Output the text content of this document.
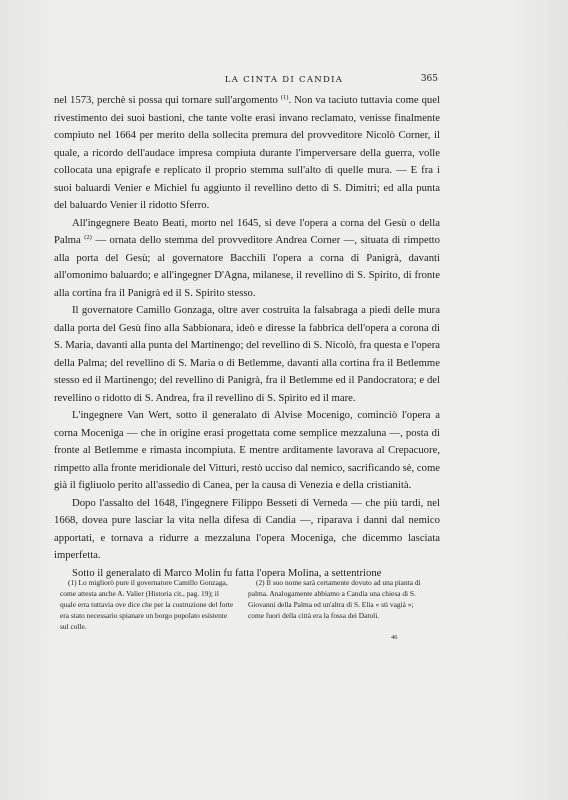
LA CINTA DI CANDIA	365

nel 1573, perchè si possa qui tornare sull'argomento $^{(1)}$. Non va taciuto tuttavia come quel rivestimento dei suoi bastioni, che tante volte erasi invano reclamato, venisse finalmente compiuto nel 1664 per merito della sollecita premura del provveditore Nicolò Corner, il quale, a ricordo dell'audace impresa compiuta durante l'imperversare della guerra, volle collocata una epigrafe e replicato il proprio stemma sull'alto di quelle mura. — E fra i suoi baluardi Venier e Michiel fu aggiunto il revellino detto di S. Dimitri; ed alla punta del baluardo Venier il ridotto Sferro.

All'ingegnere Beato Beati, morto nel 1645, si deve l'opera a corna del Gesù o della Palma $^{(2)}$ — ornata dello stemma del provveditore Andrea Corner —, situata di rimpetto alla porta del Gesù; al governatore Bacchili l'opera a corna di Panigrà, davanti all'omonimo baluardo; e all'ingegner D'Agna, milanese, il revellino di S. Spirito, di fronte alla cortina fra il Panigrà ed il S. Spirito stesso.

Il governatore Camillo Gonzaga, oltre aver costruita la falsabraga a piedi delle mura dalla porta del Gesù fino alla Sabbionara, ideò e diresse la fabbrica dell'opera a corona di S. Maria, davanti alla punta del Martinengo; del revellino di S. Nicolò, fra questa e l'opera della Palma; del revellino di S. Maria o di Betlemme, davanti alla cortina fra il Betlemme stesso ed il Martinengo; del revellino di Panigrà, fra il Betlemme ed il Pandocratora; e del revellino o ridotto di S. Andrea, fra il revellino di S. Spirito ed il mare.

L'ingegnere Van Wert, sotto il generalato di Alvise Mocenigo, cominciò l'opera a corna Moceniga — che in origine erasi progettata come semplice mezzaluna —, posta di fronte al Betlemme e rimasta incompiuta. E mentre arditamente lavorava al Crepacuore, rimpetto alla fronte meridionale del Vitturi, restò ucciso dal nemico, sacrificando sè, come già il figliuolo perito all'assedio di Canea, per la causa di Venezia e della cristianità.

Dopo l'assalto del 1648, l'ingegnere Filippo Besseti di Verneda — che più tardi, nel 1668, dovea pure lasciar la vita nella difesa di Candia —, riparava i danni dal nemico apportati, e tornava a ridurre a mezzaluna l'opera Moceniga, che dicemmo lasciata imperfetta.

Sotto il generalato di Marco Molin fu fatta l'opera Molina, a settentrione

(1) Lo migliorò pure il governatore Camillo Gonzaga, come attesta anche A. Valier (Historia cit., pag. 19); il quale erra tuttavia ove dice che per la costruzione del forte era stato necessario spianare un borgo popolato esistente sul colle.

(2) Il suo nome sarà certamente dovuto ad una pianta di palma. Analogamente abbiamo a Candia una chiesa di S. Giovanni della Palma ed un'altra di S. Elia « stì vagià »; come fuori della città era la fossa dei Datoli.

46
